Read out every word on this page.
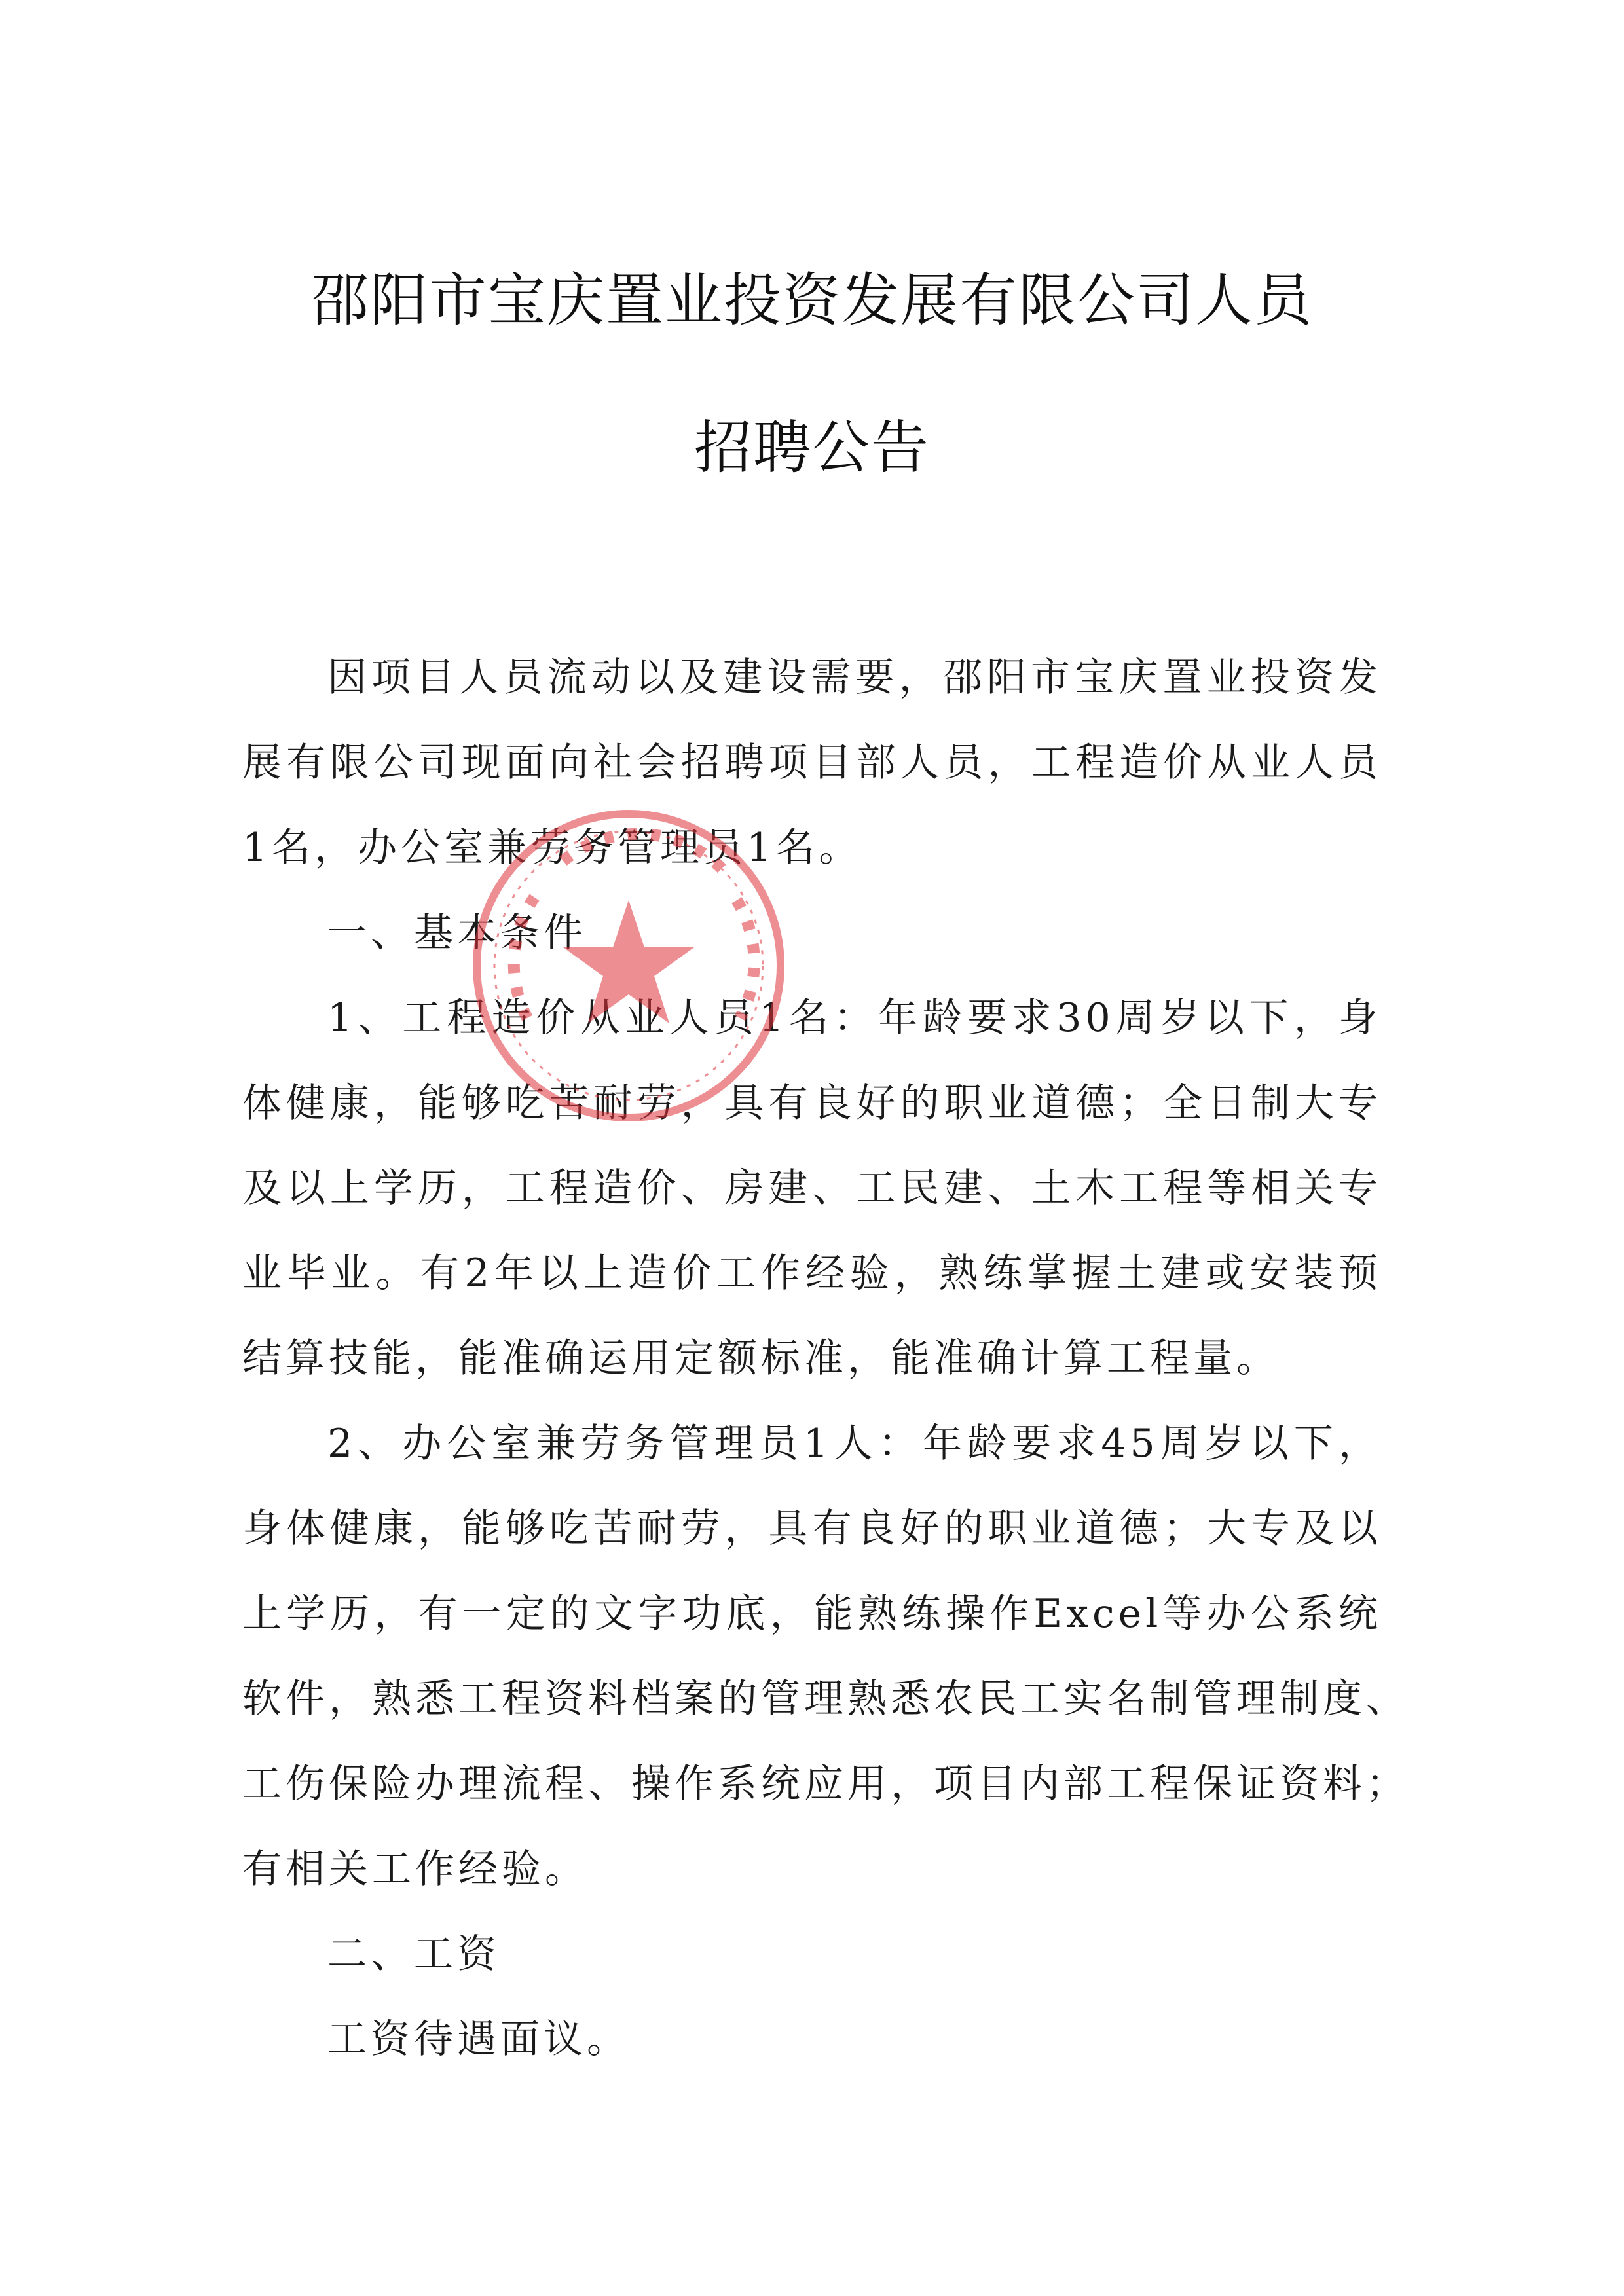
邵阳市宝庆置业投资发展有限公司人员
招聘公告
因项目人员流动以及建设需要，邵阳市宝庆置业投资发
展有限公司现面向社会招聘项目部人员，工程造价从业人员
1名，办公室兼劳务管理员1名。
一、基本条件
1、工程造价从业人员1名：年龄要求30周岁以下，身
体健康，能够吃苦耐劳，具有良好的职业道德；全日制大专
及以上学历，工程造价、房建、工民建、土木工程等相关专
业毕业。有2年以上造价工作经验，熟练掌握土建或安装预
结算技能，能准确运用定额标准，能准确计算工程量。
2、办公室兼劳务管理员1人：年龄要求45周岁以下，
身体健康，能够吃苦耐劳，具有良好的职业道德；大专及以
上学历，有一定的文字功底，能熟练操作Excel等办公系统
软件，熟悉工程资料档案的管理熟悉农民工实名制管理制度、
工伤保险办理流程、操作系统应用，项目内部工程保证资料；
有相关工作经验。
二、工资
工资待遇面议。
